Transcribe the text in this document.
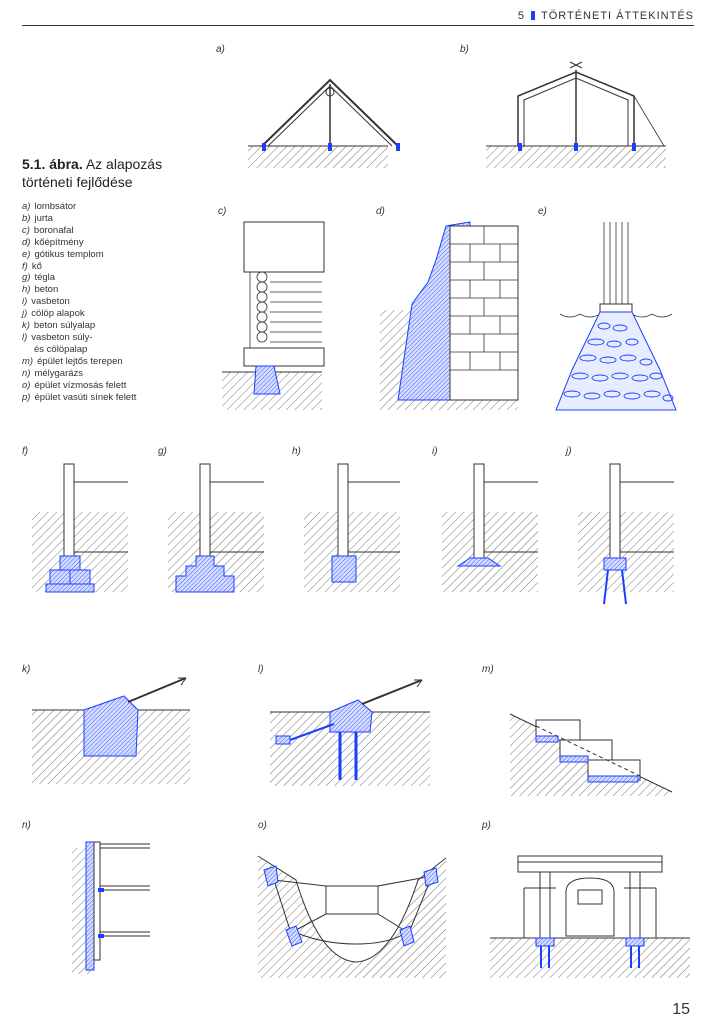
5 TÖRTÉNETI ÁTTEKINTÉS
5.1. ábra. Az alapozás
történeti fejlődése
a) lombsátor
b) jurta
c) boronafal
d) kőépítmény
e) gótikus templom
f) kő
g) tégla
h) beton
i) vasbeton
j) cölöp alapok
k) beton súlyalap
l) vasbeton súly-
és cölöpalap
m) épület lejtős terepen
n) mélygarázs
o) épület vízmosás felett
p) épület vasúti sínek felett
a)	b)
c)	d)	e)
f)	g)	h)	i)	j)
k)	l)	m)
n)	o)	p)
15
